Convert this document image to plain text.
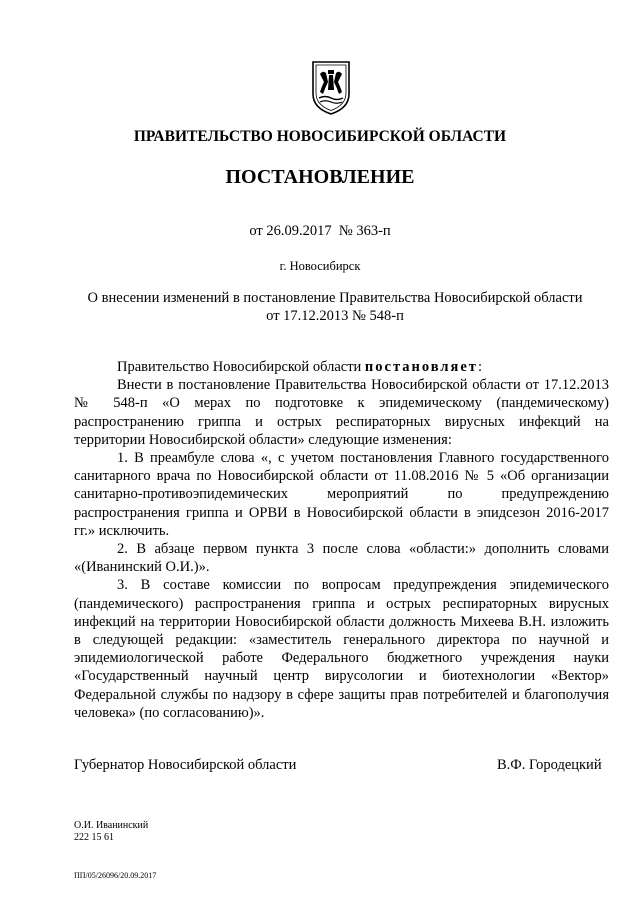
ПРАВИТЕЛЬСТВО НОВОСИБИРСКОЙ ОБЛАСТИ
ПОСТАНОВЛЕНИЕ
от 26.09.2017 № 363-п
г. Новосибирск
О внесении изменений в постановление Правительства Новосибирской области
от 17.12.2013 № 548-п

Правительство Новосибирской области постановляет:

Внести в постановление Правительства Новосибирской области от 17.12.2013 № 548-п «О мерах по подготовке к эпидемическому (пандемическому) распространению гриппа и острых респираторных вирусных инфекций на территории Новосибирской области» следующие изменения:

1. В преамбуле слова «, с учетом постановления Главного государственного санитарного врача по Новосибирской области от 11.08.2016 № 5 «Об организации санитарно-противоэпидемических мероприятий по предупреждению распространения гриппа и ОРВИ в Новосибирской области в эпидсезон 2016-2017 гг.» исключить.

2. В абзаце первом пункта 3 после слова «области:» дополнить словами «(Иванинский О.И.)».

3. В составе комиссии по вопросам предупреждения эпидемического (пандемического) распространения гриппа и острых респираторных вирусных инфекций на территории Новосибирской области должность Михеева В.Н. изложить в следующей редакции: «заместитель генерального директора по научной и эпидемиологической работе Федерального бюджетного учреждения науки «Государственный научный центр вирусологии и биотехнологии «Вектор» Федеральной службы по надзору в сфере защиты прав потребителей и благополучия человека» (по согласованию)».

Губернатор Новосибирской области	В.Ф. Городецкий
О.И. Иванинский
222 15 61
ПП/05/26096/20.09.2017
